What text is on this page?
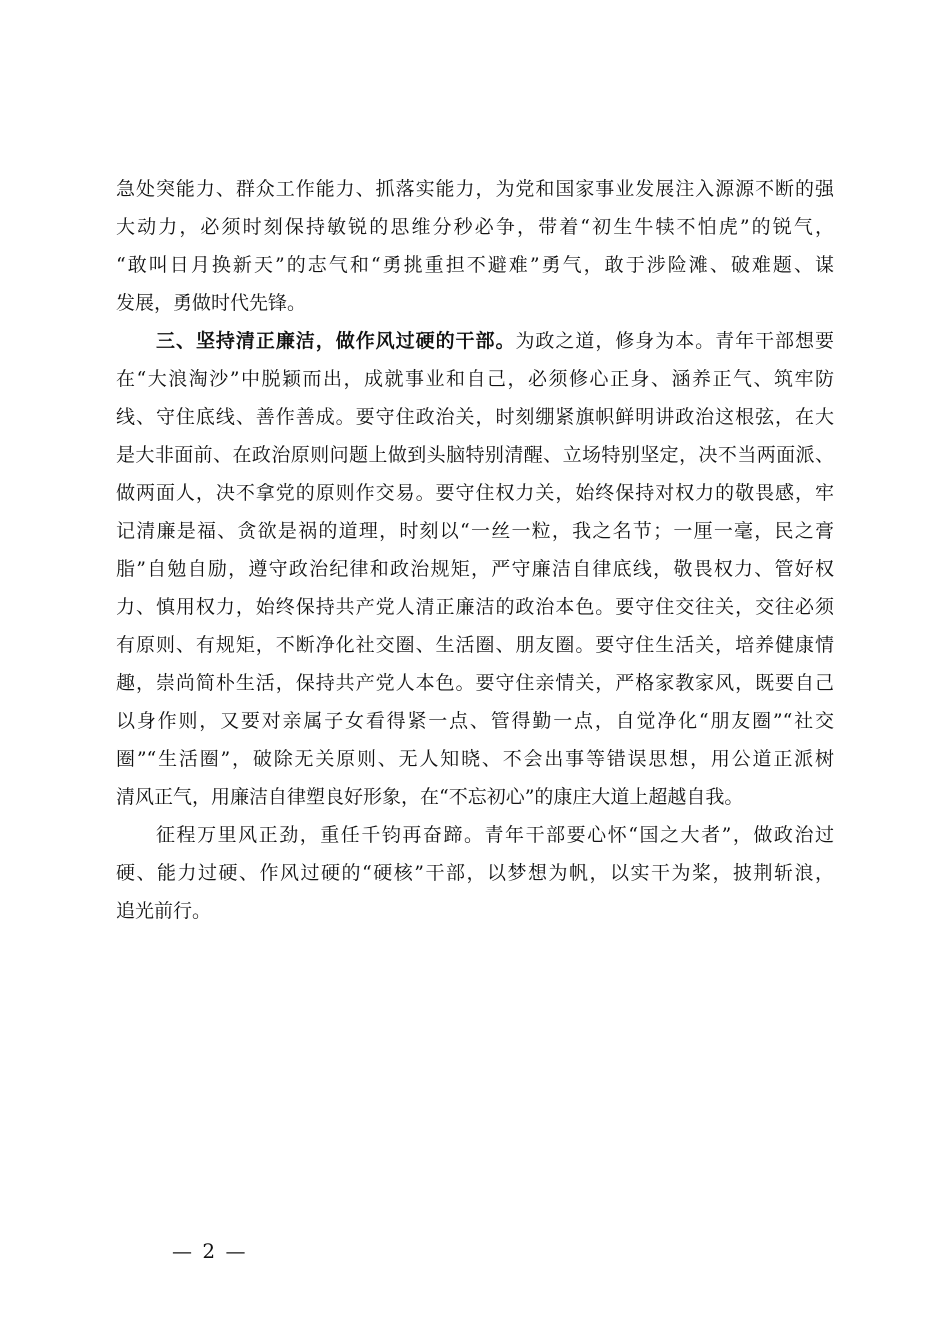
急处突能力、群众工作能力、抓落实能力，为党和国家事业发展注入源源不断的强
大动力，必须时刻保持敏锐的思维分秒必争，带着“初生牛犊不怕虎”的锐气，
“敢叫日月换新天”的志气和“勇挑重担不避难”勇气，敢于涉险滩、破难题、谋
发展，勇做时代先锋。
三、坚持清正廉洁，做作风过硬的干部。为政之道，修身为本。青年干部想要
在“大浪淘沙”中脱颖而出，成就事业和自己，必须修心正身、涵养正气、筑牢防
线、守住底线、善作善成。要守住政治关，时刻绷紧旗帜鲜明讲政治这根弦，在大
是大非面前、在政治原则问题上做到头脑特别清醒、立场特别坚定，决不当两面派、
做两面人，决不拿党的原则作交易。要守住权力关，始终保持对权力的敬畏感，牢
记清廉是福、贪欲是祸的道理，时刻以“一丝一粒，我之名节；一厘一毫，民之膏
脂”自勉自励，遵守政治纪律和政治规矩，严守廉洁自律底线，敬畏权力、管好权
力、慎用权力，始终保持共产党人清正廉洁的政治本色。要守住交往关，交往必须
有原则、有规矩，不断净化社交圈、生活圈、朋友圈。要守住生活关，培养健康情
趣，崇尚简朴生活，保持共产党人本色。要守住亲情关，严格家教家风，既要自己
以身作则，又要对亲属子女看得紧一点、管得勤一点，自觉净化“朋友圈”“社交
圈”“生活圈”，破除无关原则、无人知晓、不会出事等错误思想，用公道正派树
清风正气，用廉洁自律塑良好形象，在“不忘初心”的康庄大道上超越自我。
征程万里风正劲，重任千钧再奋蹄。青年干部要心怀“国之大者”，做政治过
硬、能力过硬、作风过硬的“硬核”干部，以梦想为帆，以实干为桨，披荆斩浪，
追光前行。
— 2 —
